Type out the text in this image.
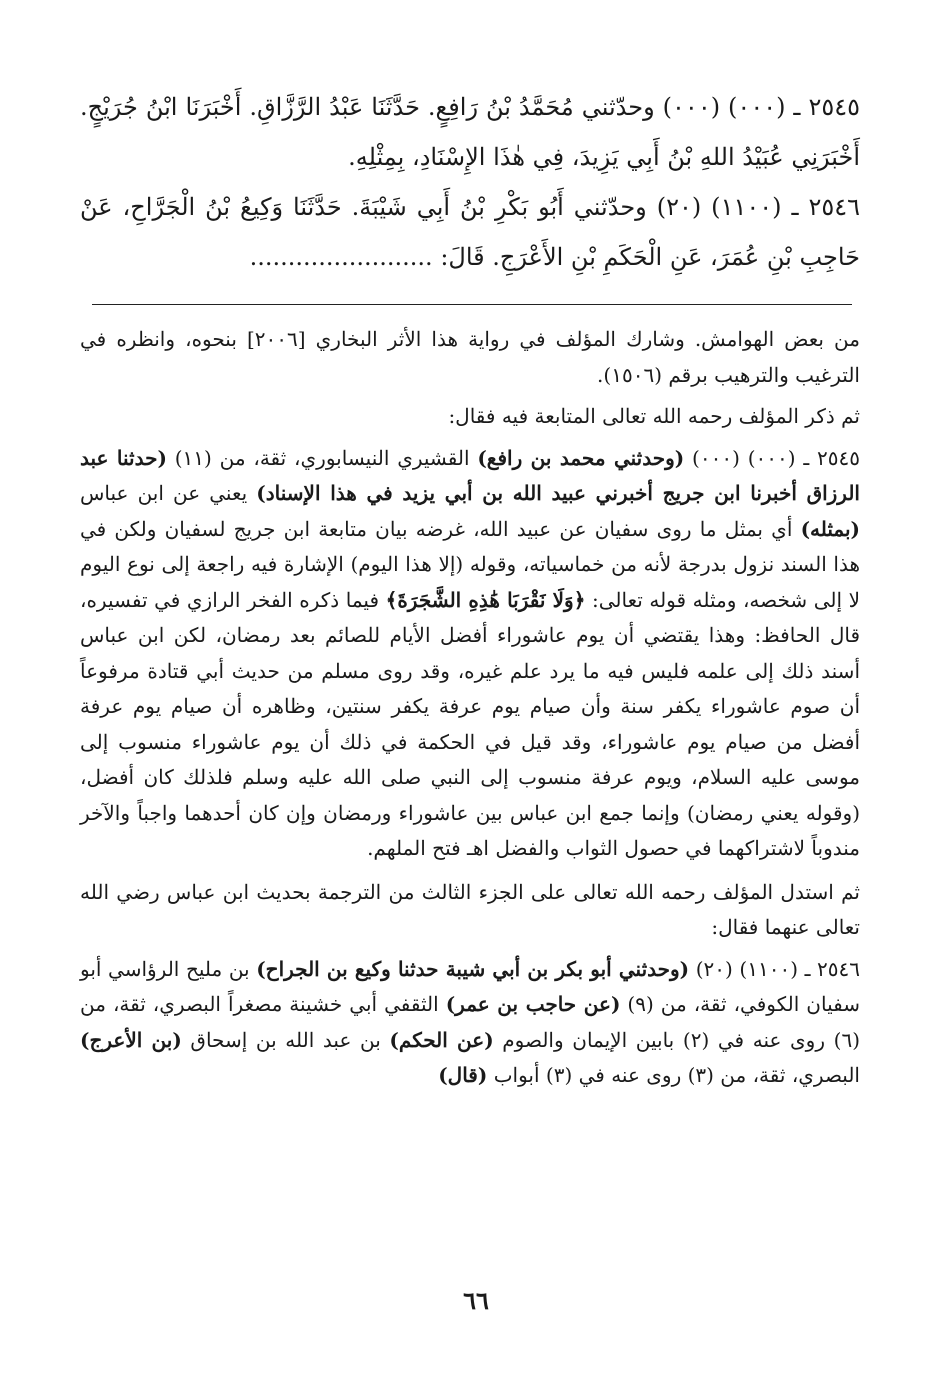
٢٥٤٥ ـ (٠٠٠) (٠٠٠) وحدّثني مُحَمَّدُ بْنُ رَافِعٍ. حَدَّثَنَا عَبْدُ الرَّزَّاقِ. أَخْبَرَنَا ابْنُ جُرَيْجٍ. أَخْبَرَنِي عُبَيْدُ اللهِ بْنُ أَبِي يَزِيدَ، فِي هٰذَا الإِسْنَادِ، بِمِثْلِهِ.

٢٥٤٦ ـ (١١٠٠) (٢٠) وحدّثني أَبُو بَكْرِ بْنُ أَبِي شَيْبَةَ. حَدَّثَنَا وَكِيعُ بْنُ الْجَرَّاحِ، عَنْ حَاجِبِ بْنِ عُمَرَ، عَنِ الْحَكَمِ بْنِ الأَعْرَجِ. قَالَ: ........................

من بعض الهوامش. وشارك المؤلف في رواية هذا الأثر البخاري [٢٠٠٦] بنحوه، وانظره في الترغيب والترهيب برقم (١٥٠٦).

ثم ذكر المؤلف رحمه الله تعالى المتابعة فيه فقال:

٢٥٤٥ ـ (٠٠٠) (٠٠٠) (وحدثني محمد بن رافع) القشيري النيسابوري، ثقة، من (١١) (حدثنا عبد الرزاق أخبرنا ابن جريج أخبرني عبيد الله بن أبي يزيد في هذا الإسناد) يعني عن ابن عباس (بمثله) أي بمثل ما روى سفيان عن عبيد الله، غرضه بيان متابعة ابن جريج لسفيان ولكن في هذا السند نزول بدرجة لأنه من خماسياته، وقوله (إلا هذا اليوم) الإشارة فيه راجعة إلى نوع اليوم لا إلى شخصه، ومثله قوله تعالى: ﴿وَلَا نَقْرَبَا هَٰذِهِ الشَّجَرَةَ﴾ فيما ذكره الفخر الرازي في تفسيره، قال الحافظ: وهذا يقتضي أن يوم عاشوراء أفضل الأيام للصائم بعد رمضان، لكن ابن عباس أسند ذلك إلى علمه فليس فيه ما يرد علم غيره، وقد روى مسلم من حديث أبي قتادة مرفوعاً أن صوم عاشوراء يكفر سنة وأن صيام يوم عرفة يكفر سنتين، وظاهره أن صيام يوم عرفة أفضل من صيام يوم عاشوراء، وقد قيل في الحكمة في ذلك أن يوم عاشوراء منسوب إلى موسى عليه السلام، ويوم عرفة منسوب إلى النبي صلى الله عليه وسلم فلذلك كان أفضل، (وقوله يعني رمضان) وإنما جمع ابن عباس بين عاشوراء ورمضان وإن كان أحدهما واجباً والآخر مندوباً لاشتراكهما في حصول الثواب والفضل اهـ فتح الملهم.

ثم استدل المؤلف رحمه الله تعالى على الجزء الثالث من الترجمة بحديث ابن عباس رضي الله تعالى عنهما فقال:

٢٥٤٦ ـ (١١٠٠) (٢٠) (وحدثني أبو بكر بن أبي شيبة حدثنا وكيع بن الجراح) بن مليح الرؤاسي أبو سفيان الكوفي، ثقة، من (٩) (عن حاجب بن عمر) الثقفي أبي خشينة مصغراً البصري، ثقة، من (٦) روى عنه في (٢) بابين الإيمان والصوم (عن الحكم) بن عبد الله بن إسحاق (بن الأعرج) البصري، ثقة، من (٣) روى عنه في (٣) أبواب (قال)

٦٦
